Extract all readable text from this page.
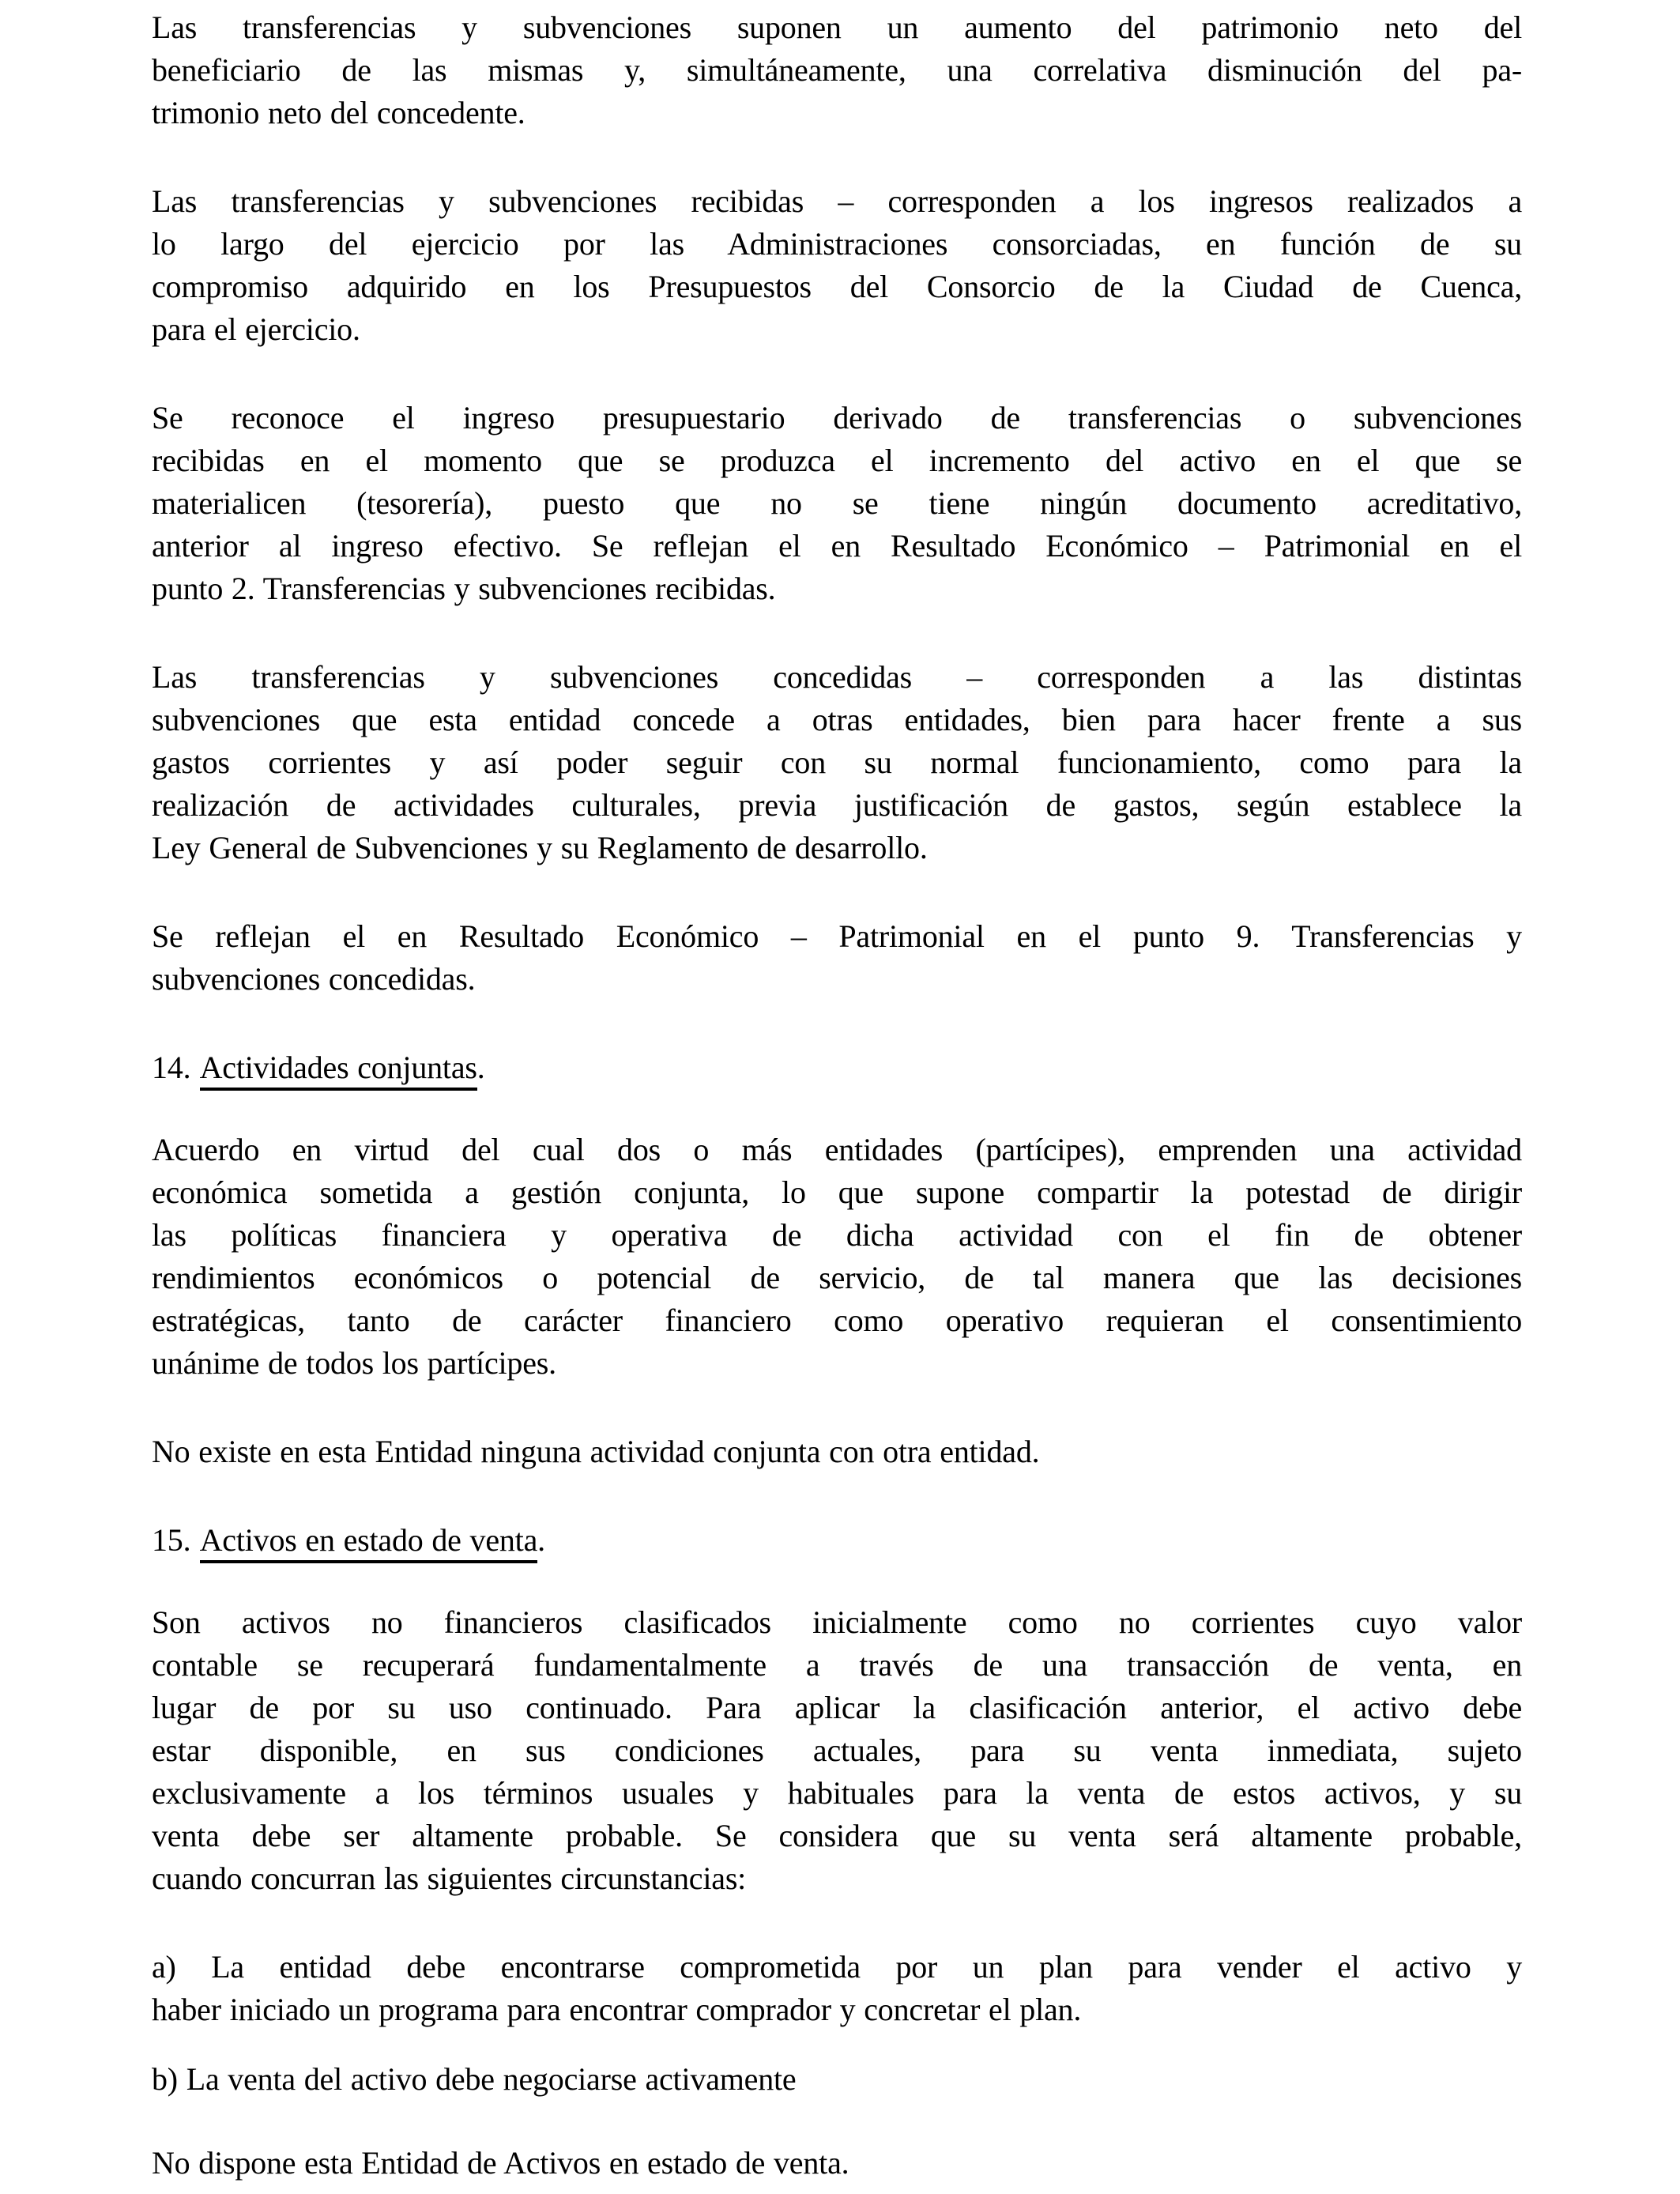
Las transferencias y subvenciones suponen un aumento del patrimonio neto del
beneficiario de las mismas y, simultáneamente, una correlativa disminución del pa-
trimonio neto del concedente.

Las transferencias y subvenciones recibidas – corresponden a los ingresos realizados a
lo largo del ejercicio por las Administraciones consorciadas, en función de su
compromiso adquirido en los Presupuestos del Consorcio de la Ciudad de Cuenca,
para el ejercicio.

Se reconoce el ingreso presupuestario derivado de transferencias o subvenciones
recibidas en el momento que se produzca el incremento del activo en el que se
materialicen (tesorería), puesto que no se tiene ningún documento acreditativo,
anterior al ingreso efectivo. Se reflejan el en Resultado Económico – Patrimonial en el
punto 2. Transferencias y subvenciones recibidas.

Las transferencias y subvenciones concedidas – corresponden a las distintas
subvenciones que esta entidad concede a otras entidades, bien para hacer frente a sus
gastos corrientes y así poder seguir con su normal funcionamiento, como para la
realización de actividades culturales, previa justificación de gastos, según establece la
Ley General de Subvenciones y su Reglamento de desarrollo.

Se reflejan el en Resultado Económico – Patrimonial en el punto 9. Transferencias y
subvenciones concedidas.

14. Actividades conjuntas.

Acuerdo en virtud del cual dos o más entidades (partícipes), emprenden una actividad
económica sometida a gestión conjunta, lo que supone compartir la potestad de dirigir
las políticas financiera y operativa de dicha actividad con el fin de obtener
rendimientos económicos o potencial de servicio, de tal manera que las decisiones
estratégicas, tanto de carácter financiero como operativo requieran el consentimiento
unánime de todos los partícipes.

No existe en esta Entidad ninguna actividad conjunta con otra entidad.

15. Activos en estado de venta.

Son activos no financieros clasificados inicialmente como no corrientes cuyo valor
contable se recuperará fundamentalmente a través de una transacción de venta, en
lugar de por su uso continuado. Para aplicar la clasificación anterior, el activo debe
estar disponible, en sus condiciones actuales, para su venta inmediata, sujeto
exclusivamente a los términos usuales y habituales para la venta de estos activos, y su
venta debe ser altamente probable. Se considera que su venta será altamente probable,
cuando concurran las siguientes circunstancias:

a) La entidad debe encontrarse comprometida por un plan para vender el activo y
haber iniciado un programa para encontrar comprador y concretar el plan.

b) La venta del activo debe negociarse activamente

No dispone esta Entidad de Activos en estado de venta.
